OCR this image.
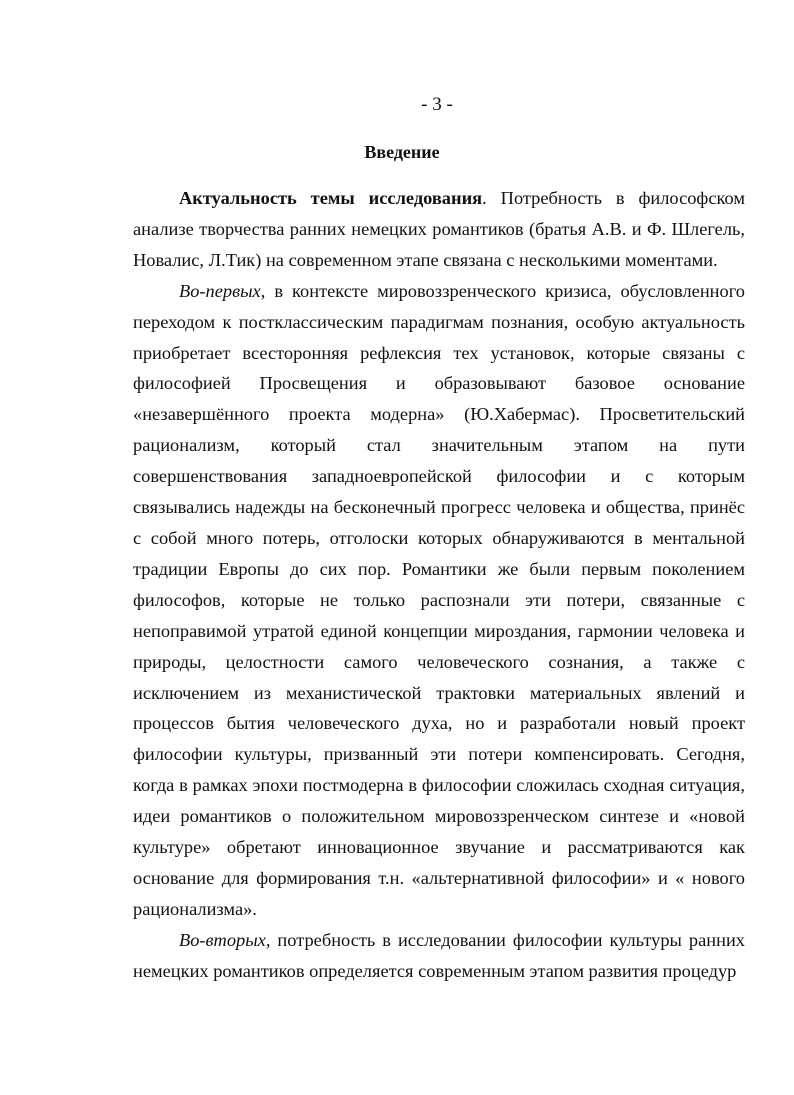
- 3 -
Введение

Актуальность темы исследования. Потребность в философском анализе творчества ранних немецких романтиков (братья А.В. и Ф. Шлегель, Новалис, Л.Тик) на современном этапе связана с несколькими моментами.

Во-первых, в контексте мировоззренческого кризиса, обусловленного переходом к постклассическим парадигмам познания, особую актуальность приобретает всесторонняя рефлексия тех установок, которые связаны с философией Просвещения и образовывают базовое основание «незавершённого проекта модерна» (Ю.Хабермас). Просветительский рационализм, который стал значительным этапом на пути совершенствования западноевропейской философии и с которым связывались надежды на бесконечный прогресс человека и общества, принёс с собой много потерь, отголоски которых обнаруживаются в ментальной традиции Европы до сих пор. Романтики же были первым поколением философов, которые не только распознали эти потери, связанные с непоправимой утратой единой концепции мироздания, гармонии человека и природы, целостности самого человеческого сознания, а также с исключением из механистической трактовки материальных явлений и процессов бытия человеческого духа, но и разработали новый проект философии культуры, призванный эти потери компенсировать. Сегодня, когда в рамках эпохи постмодерна в философии сложилась сходная ситуация, идеи романтиков о положительном мировоззренческом синтезе и «новой культуре» обретают инновационное звучание и рассматриваются как основание для формирования т.н. «альтернативной философии» и « нового рационализма».

Во-вторых, потребность в исследовании философии культуры ранних немецких романтиков определяется современным этапом развития процедур
